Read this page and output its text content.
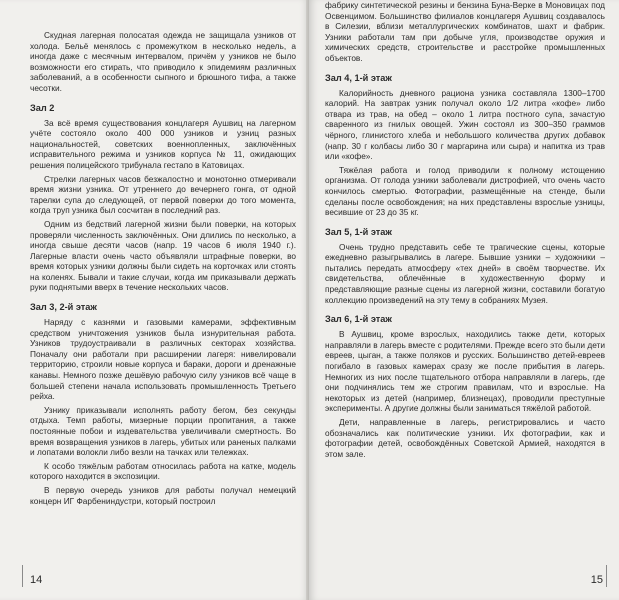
Скудная лагерная полосатая одежда не защищала узников от холода. Бельё менялось с промежутком в несколько недель, а иногда даже с месячным интервалом, причём у узников не было возможности его стирать, что приводило к эпидемиям различных заболеваний, а в особенности сыпного и брюшного тифа, а также чесотки.

Зал 2

За всё время существования концлагеря Аушвиц на лагерном учёте состояло около 400 000 узников и узниц разных национальностей, советских военнопленных, заключённых исправительного режима и узников корпуса № 11, ожидающих решения полицейского трибунала гестапо в Катовицах.

Стрелки лагерных часов безжалостно и монотонно отмеривали время жизни узника. От утреннего до вечернего гонга, от одной тарелки супа до следующей, от первой поверки до того момента, когда труп узника был сосчитан в последний раз.

Одним из бедствий лагерной жизни были поверки, на которых проверяли численность заключённых. Они длились по несколько, а иногда свыше десяти часов (напр. 19 часов 6 июля 1940 г.). Лагерные власти очень часто объявляли штрафные поверки, во время которых узники должны были сидеть на корточках или стоять на коленях. Бывали и такие случаи, когда им приказывали держать руки поднятыми вверх в течение нескольких часов.

Зал 3, 2-й этаж

Наряду с казнями и газовыми камерами, эффективным средством уничтожения узников была изнурительная работа. Узников трудоустраивали в различных секторах хозяйства. Поначалу они работали при расширении лагеря: нивелировали территорию, строили новые корпуса и бараки, дороги и дренажные канавы. Немного позже дешёвую рабочую силу узников всё чаще в большей степени начала использовать промышленность Третьего рейха.

Узнику приказывали исполнять работу бегом, без секунды отдыха. Темп работы, мизерные порции пропитания, а также постоянные побои и издевательства увеличивали смертность. Во время возвращения узников в лагерь, убитых или раненых палками и лопатами волокли либо везли на тачках или тележках.

К особо тяжёлым работам относилась работа на катке, модель которого находится в экспозиции.

В первую очередь узников для работы получал немецкий концерн ИГ Фарбениндустри, который построил

14

фабрику синтетической резины и бензина Буна-Верке в Моновицах под Освенцимом. Большинство филиалов концлагеря Аушвиц создавалось в Силезии, вблизи металлургических комбинатов, шахт и фабрик. Узники работали там при добыче угля, производстве оружия и химических средств, строительстве и расстройке промышленных объектов.

Зал 4, 1-й этаж

Калорийность дневного рациона узника составляла 1300–1700 калорий. На завтрак узник получал около 1/2 литра «кофе» либо отвара из трав, на обед – около 1 литра постного супа, зачастую сваренного из гнилых овощей. Ужин состоял из 300–350 граммов чёрного, глинистого хлеба и небольшого количества других добавок (напр. 30 г колбасы либо 30 г маргарина или сыра) и напитка из трав или «кофе».

Тяжёлая работа и голод приводили к полному истощению организма. От голода узники заболевали дистрофией, что очень часто кончилось смертью. Фотографии, размещённые на стенде, были сделаны после освобождения; на них представлены взрослые узницы, весившие от 23 до 35 кг.

Зал 5, 1-й этаж

Очень трудно представить себе те трагические сцены, которые ежедневно разыгрывались в лагере. Бывшие узники – художники – пытались передать атмосферу «тех дней» в своём творчестве. Их свидетельства, облечённые в художественную форму и представляющие разные сцены из лагерной жизни, составили богатую коллекцию произведений на эту тему в собраниях Музея.

Зал 6, 1-й этаж

В Аушвиц, кроме взрослых, находились также дети, которых направляли в лагерь вместе с родителями. Прежде всего это были дети евреев, цыган, а также поляков и русских. Большинство детей-евреев погибало в газовых камерах сразу же после прибытия в лагерь. Немногих из них после тщательного отбора направляли в лагерь, где они подчинялись тем же строгим правилам, что и взрослые. На некоторых из детей (например, близнецах), проводили преступные эксперименты. А другие должны были заниматься тяжёлой работой.

Дети, направленные в лагерь, регистрировались и часто обозначались как политические узники. Их фотографии, как и фотографии детей, освобождённых Советской Армией, находятся в этом зале.

15
